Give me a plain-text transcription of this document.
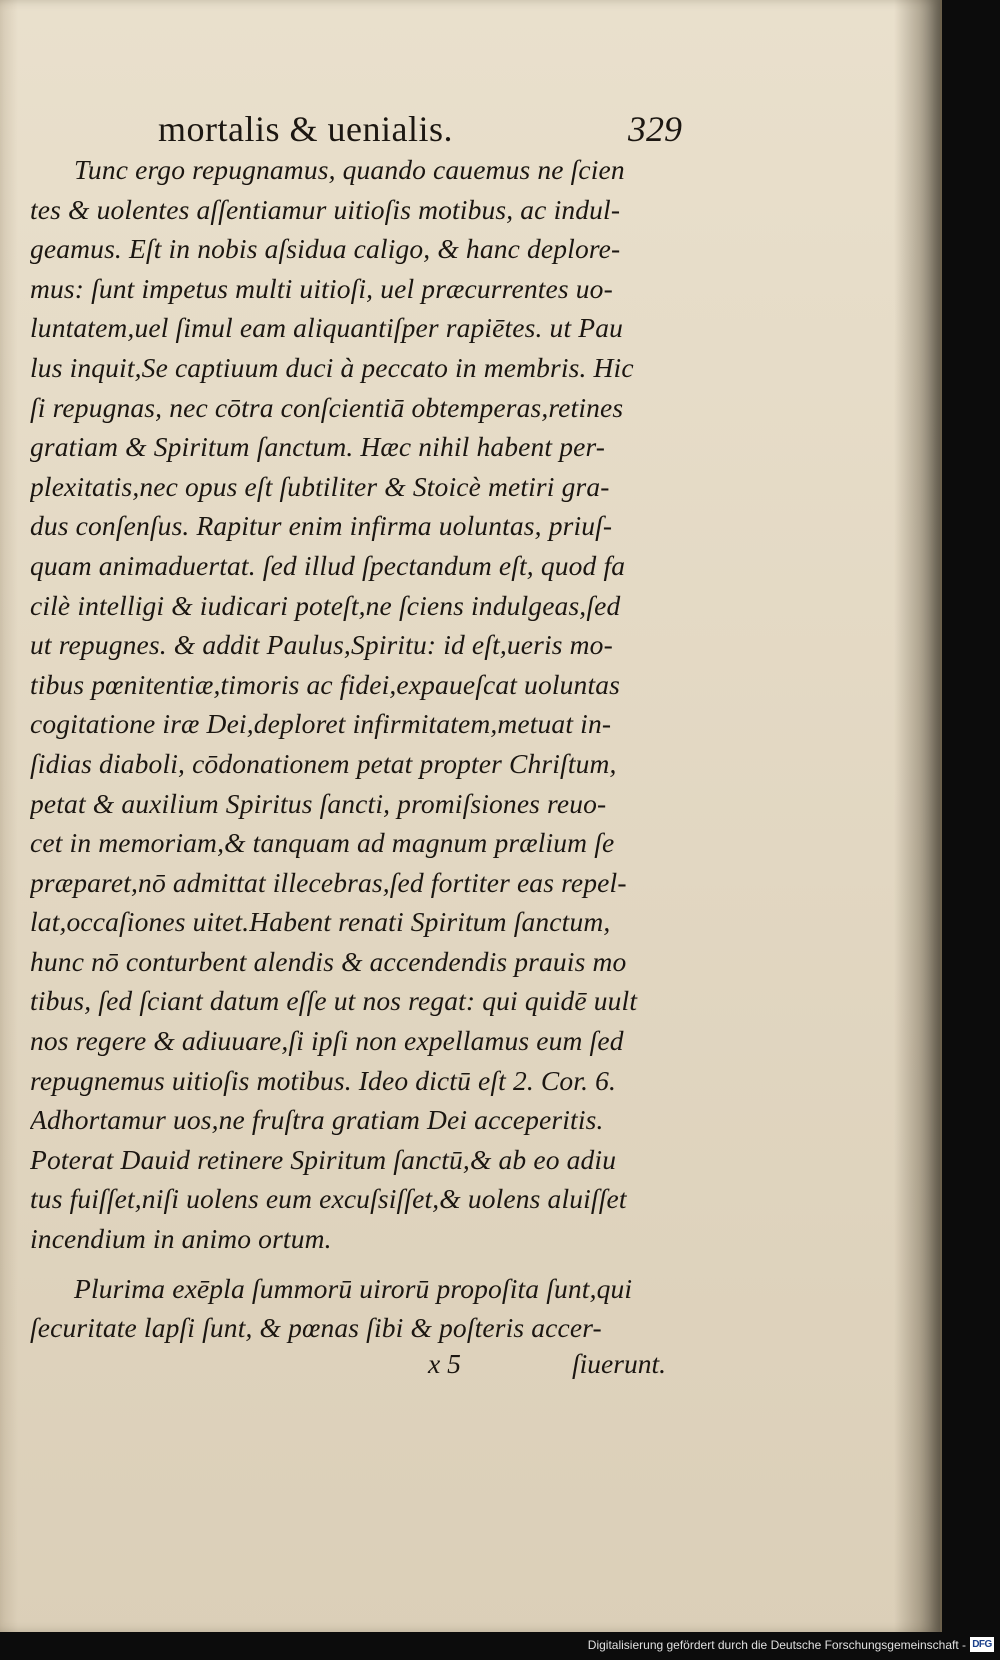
mortalis & uenialis.	329
Tunc ergo repugnamus, quando cauemus ne ſcien
tes & uolentes aſſentiamur uitioſis motibus, ac indul-
geamus. Eſt in nobis aſsidua caligo, & hanc deplore-
mus: ſunt impetus multi uitioſi, uel præcurrentes uo-
luntatem,uel ſimul eam aliquantiſper rapiētes. ut Pau
lus inquit,Se captiuum duci à peccato in membris. Hic
ſi repugnas, nec cōtra conſcientiā obtemperas,retines
gratiam & Spiritum ſanctum. Hæc nihil habent per-
plexitatis,nec opus eſt ſubtiliter & Stoicè metiri gra-
dus conſenſus. Rapitur enim infirma uoluntas, priuſ-
quam animaduertat. ſed illud ſpectandum eſt, quod fa
cilè intelligi & iudicari poteſt,ne ſciens indulgeas,ſed
ut repugnes. & addit Paulus,Spiritu: id eſt,ueris mo-
tibus pœnitentiæ,timoris ac fidei,expaueſcat uoluntas
cogitatione iræ Dei,deploret infirmitatem,metuat in-
ſidias diaboli, cōdonationem petat propter Chriſtum,
petat & auxilium Spiritus ſancti, promiſsiones reuo-
cet in memoriam,& tanquam ad magnum prælium ſe
præparet,nō admittat illecebras,ſed fortiter eas repel-
lat,occaſiones uitet.Habent renati Spiritum ſanctum,
hunc nō conturbent alendis & accendendis prauis mo
tibus, ſed ſciant datum eſſe ut nos regat: qui quidē uult
nos regere & adiuuare,ſi ipſi non expellamus eum ſed
repugnemus uitioſis motibus. Ideo dictū eſt 2. Cor. 6.
Adhortamur uos,ne fruſtra gratiam Dei acceperitis.
Poterat Dauid retinere Spiritum ſanctū,& ab eo adiu
tus fuiſſet,niſi uolens eum excuſsiſſet,& uolens aluiſſet
incendium in animo ortum.
Plurima exēpla ſummorū uirorū propoſita ſunt,qui
ſecuritate lapſi ſunt, & pœnas ſibi & poſteris accer-
x 5	ſiuerunt.
Digitalisierung gefördert durch die Deutsche Forschungsgemeinschaft - DFG
